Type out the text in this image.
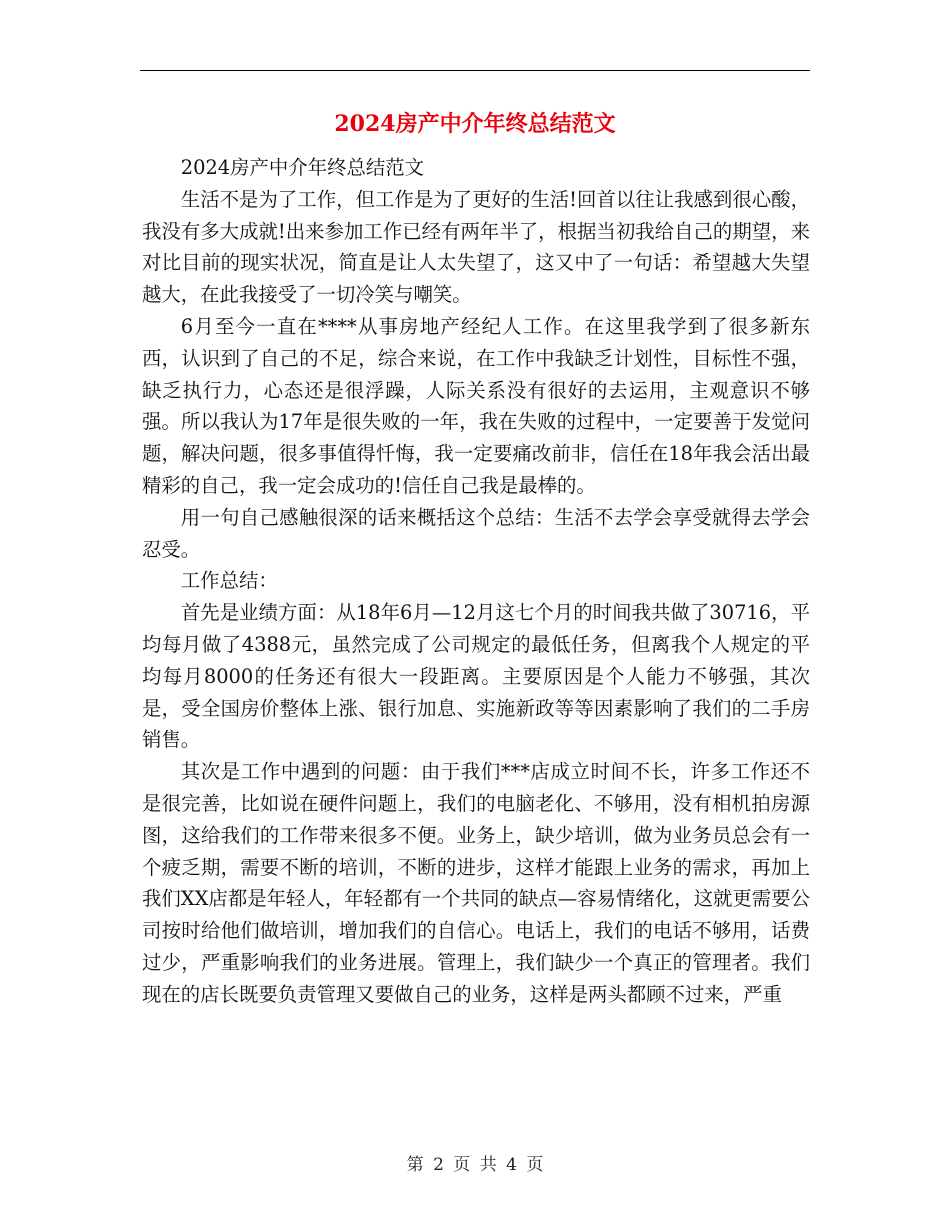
2024房产中介年终总结范文

2024房产中介年终总结范文

生活不是为了工作，但工作是为了更好的生活!回首以往让我感到很心酸，我没有多大成就!出来参加工作已经有两年半了，根据当初我给自己的期望，来对比目前的现实状况，简直是让人太失望了，这又中了一句话：希望越大失望越大，在此我接受了一切冷笑与嘲笑。

6月至今一直在****从事房地产经纪人工作。在这里我学到了很多新东西，认识到了自己的不足，综合来说，在工作中我缺乏计划性，目标性不强，缺乏执行力，心态还是很浮躁，人际关系没有很好的去运用，主观意识不够强。所以我认为17年是很失败的一年，我在失败的过程中，一定要善于发觉问题，解决问题，很多事值得忏悔，我一定要痛改前非，信任在18年我会活出最精彩的自己，我一定会成功的!信任自己我是最棒的。

用一句自己感触很深的话来概括这个总结：生活不去学会享受就得去学会忍受。

工作总结：

首先是业绩方面：从18年6月—12月这七个月的时间我共做了30716，平均每月做了4388元，虽然完成了公司规定的最低任务，但离我个人规定的平均每月8000的任务还有很大一段距离。主要原因是个人能力不够强，其次是，受全国房价整体上涨、银行加息、实施新政等等因素影响了我们的二手房销售。

其次是工作中遇到的问题：由于我们***店成立时间不长，许多工作还不是很完善，比如说在硬件问题上，我们的电脑老化、不够用，没有相机拍房源图，这给我们的工作带来很多不便。业务上，缺少培训，做为业务员总会有一个疲乏期，需要不断的培训，不断的进步，这样才能跟上业务的需求，再加上我们XX店都是年轻人，年轻都有一个共同的缺点—容易情绪化，这就更需要公司按时给他们做培训，增加我们的自信心。电话上，我们的电话不够用，话费过少，严重影响我们的业务进展。管理上，我们缺少一个真正的管理者。我们现在的店长既要负责管理又要做自己的业务，这样是两头都顾不过来，严重

第 2 页 共 4 页
